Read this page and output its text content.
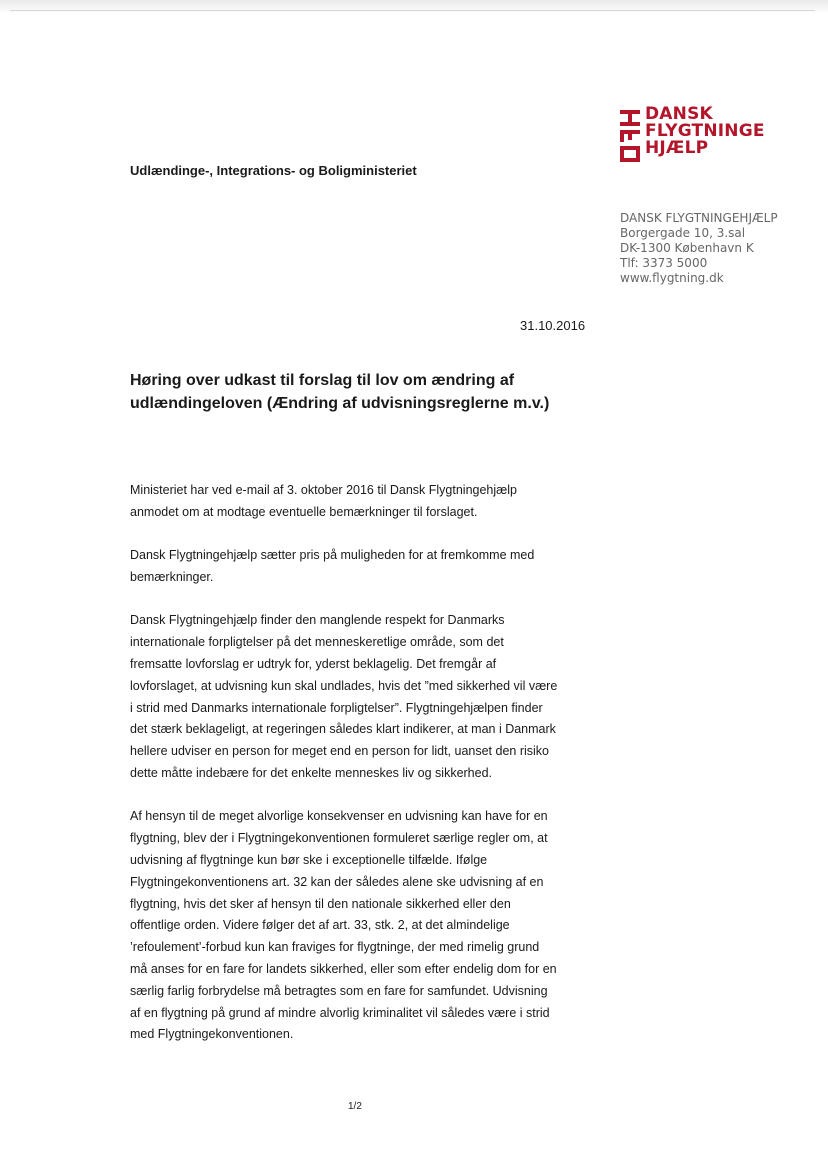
DANSK
FLYGTNINGE
HJÆLP
Udlændinge-, Integrations- og Boligministeriet
DANSK FLYGTNINGEHJÆLP
Borgergade 10, 3.sal
DK-1300 København K
Tlf: 3373 5000
www.flygtning.dk
31.10.2016
Høring over udkast til forslag til lov om ændring af
udlændingeloven (Ændring af udvisningsreglerne m.v.)

Ministeriet har ved e-mail af 3. oktober 2016 til Dansk Flygtningehjælp
anmodet om at modtage eventuelle bemærkninger til forslaget.

Dansk Flygtningehjælp sætter pris på muligheden for at fremkomme med
bemærkninger.

Dansk Flygtningehjælp finder den manglende respekt for Danmarks
internationale forpligtelser på det menneskeretlige område, som det
fremsatte lovforslag er udtryk for, yderst beklagelig. Det fremgår af
lovforslaget, at udvisning kun skal undlades, hvis det ”med sikkerhed vil være
i strid med Danmarks internationale forpligtelser”. Flygtningehjælpen finder
det stærk beklageligt, at regeringen således klart indikerer, at man i Danmark
hellere udviser en person for meget end en person for lidt, uanset den risiko
dette måtte indebære for det enkelte menneskes liv og sikkerhed.

Af hensyn til de meget alvorlige konsekvenser en udvisning kan have for en
flygtning, blev der i Flygtningekonventionen formuleret særlige regler om, at
udvisning af flygtninge kun bør ske i exceptionelle tilfælde. Ifølge
Flygtningekonventionens art. 32 kan der således alene ske udvisning af en
flygtning, hvis det sker af hensyn til den nationale sikkerhed eller den
offentlige orden. Videre følger det af art. 33, stk. 2, at det almindelige
’refoulement’-forbud kun kan fraviges for flygtninge, der med rimelig grund
må anses for en fare for landets sikkerhed, eller som efter endelig dom for en
særlig farlig forbrydelse må betragtes som en fare for samfundet. Udvisning
af en flygtning på grund af mindre alvorlig kriminalitet vil således være i strid
med Flygtningekonventionen.

1/2
